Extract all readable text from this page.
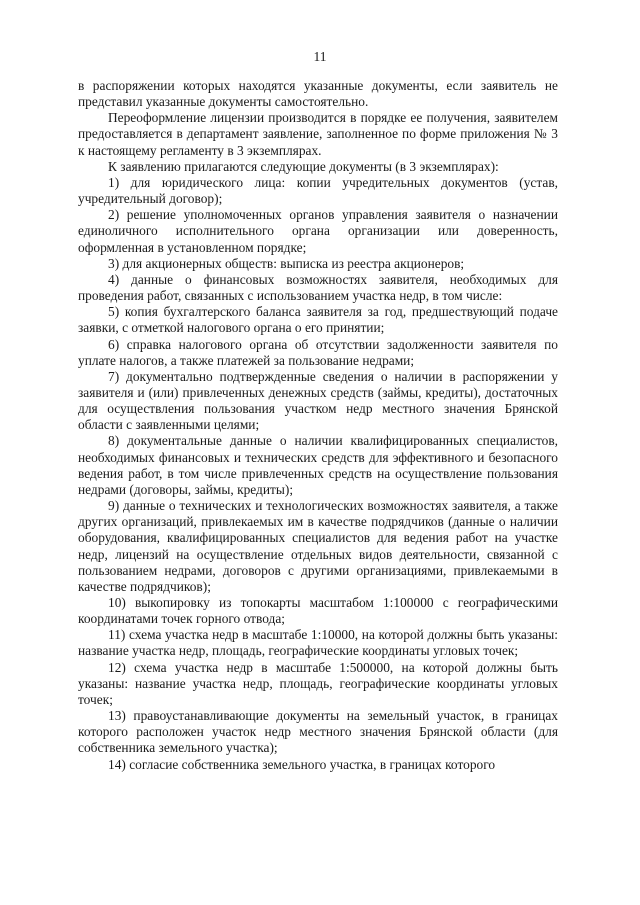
11

в распоряжении которых находятся указанные документы, если заявитель не представил указанные документы самостоятельно.

Переоформление лицензии производится в порядке ее получения, заявителем предоставляется в департамент заявление, заполненное по форме приложения № 3 к настоящему регламенту в 3 экземплярах.

К заявлению прилагаются следующие документы (в 3 экземплярах):

1) для юридического лица: копии учредительных документов (устав, учредительный договор);

2) решение уполномоченных органов управления заявителя о назначении единоличного исполнительного органа организации или доверенность, оформленная в установленном порядке;

3) для акционерных обществ: выписка из реестра акционеров;

4) данные о финансовых возможностях заявителя, необходимых для проведения работ, связанных с использованием участка недр, в том числе:

5) копия бухгалтерского баланса заявителя за год, предшествующий подаче заявки, с отметкой налогового органа о его принятии;

6) справка налогового органа об отсутствии задолженности заявителя по уплате налогов, а также платежей за пользование недрами;

7) документально подтвержденные сведения о наличии в распоряжении у заявителя и (или) привлеченных денежных средств (займы, кредиты), достаточных для осуществления пользования участком недр местного значения Брянской области с заявленными целями;

8) документальные данные о наличии квалифицированных специалистов, необходимых финансовых и технических средств для эффективного и безопасного ведения работ, в том числе привлеченных средств на осуществление пользования недрами (договоры, займы, кредиты);

9) данные о технических и технологических возможностях заявителя, а также других организаций, привлекаемых им в качестве подрядчиков (данные о наличии оборудования, квалифицированных специалистов для ведения работ на участке недр, лицензий на осуществление отдельных видов деятельности, связанной с пользованием недрами, договоров с другими организациями, привлекаемыми в качестве подрядчиков);

10) выкопировку из топокарты масштабом 1:100000 с географическими координатами точек горного отвода;

11) схема участка недр в масштабе 1:10000, на которой должны быть указаны: название участка недр, площадь, географические координаты угловых точек;

12) схема участка недр в масштабе 1:500000, на которой должны быть указаны: название участка недр, площадь, географические координаты угловых точек;

13) правоустанавливающие документы на земельный участок, в границах которого расположен участок недр местного значения Брянской области (для собственника земельного участка);

14) согласие собственника земельного участка, в границах которого
